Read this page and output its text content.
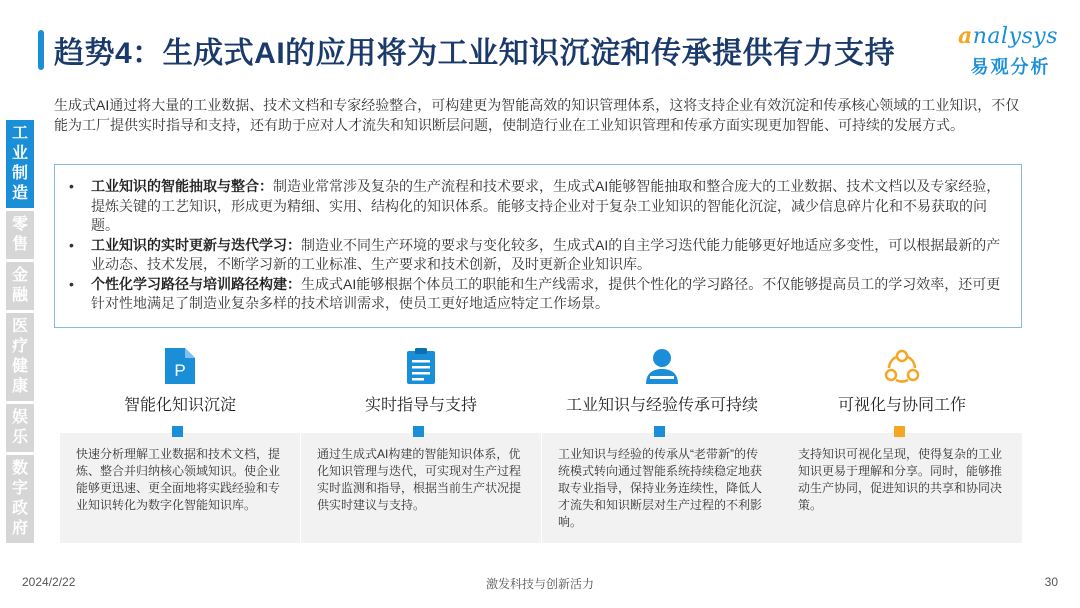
趋势4：生成式AI的应用将为工业知识沉淀和传承提供有力支持
analysys
易观分析
工业制造
零售
金融
医疗健康
娱乐
数字政府
生成式AI通过将大量的工业数据、技术文档和专家经验整合，可构建更为智能高效的知识管理体系，这将支持企业有效沉淀和传承核心领域的工业知识，不仅能为工厂提供实时指导和支持，还有助于应对人才流失和知识断层问题，使制造行业在工业知识管理和传承方面实现更加智能、可持续的发展方式。
•	工业知识的智能抽取与整合：制造业常常涉及复杂的生产流程和技术要求，生成式AI能够智能抽取和整合庞大的工业数据、技术文档以及专家经验，提炼关键的工艺知识，形成更为精细、实用、结构化的知识体系。能够支持企业对于复杂工业知识的智能化沉淀，减少信息碎片化和不易获取的问题。
•	工业知识的实时更新与迭代学习：制造业不同生产环境的要求与变化较多，生成式AI的自主学习迭代能力能够更好地适应多变性，可以根据最新的产业动态、技术发展，不断学习新的工业标准、生产要求和技术创新，及时更新企业知识库。
•	个性化学习路径与培训路径构建：生成式AI能够根据个体员工的职能和生产线需求，提供个性化的学习路径。不仅能够提高员工的学习效率，还可更针对性地满足了制造业复杂多样的技术培训需求，使员工更好地适应特定工作场景。
P
智能化知识沉淀
快速分析理解工业数据和技术文档，提炼、整合并归纳核心领域知识。使企业能够更迅速、更全面地将实践经验和专业知识转化为数字化智能知识库。
实时指导与支持
通过生成式AI构建的智能知识体系，优化知识管理与迭代，可实现对生产过程实时监测和指导，根据当前生产状况提供实时建议与支持。
工业知识与经验传承可持续
工业知识与经验的传承从“老带新”的传统模式转向通过智能系统持续稳定地获取专业指导，保持业务连续性，降低人才流失和知识断层对生产过程的不利影响。
可视化与协同工作
支持知识可视化呈现，使得复杂的工业知识更易于理解和分享。同时，能够推动生产协同，促进知识的共享和协同决策。
2024/2/22	激发科技与创新活力	30
